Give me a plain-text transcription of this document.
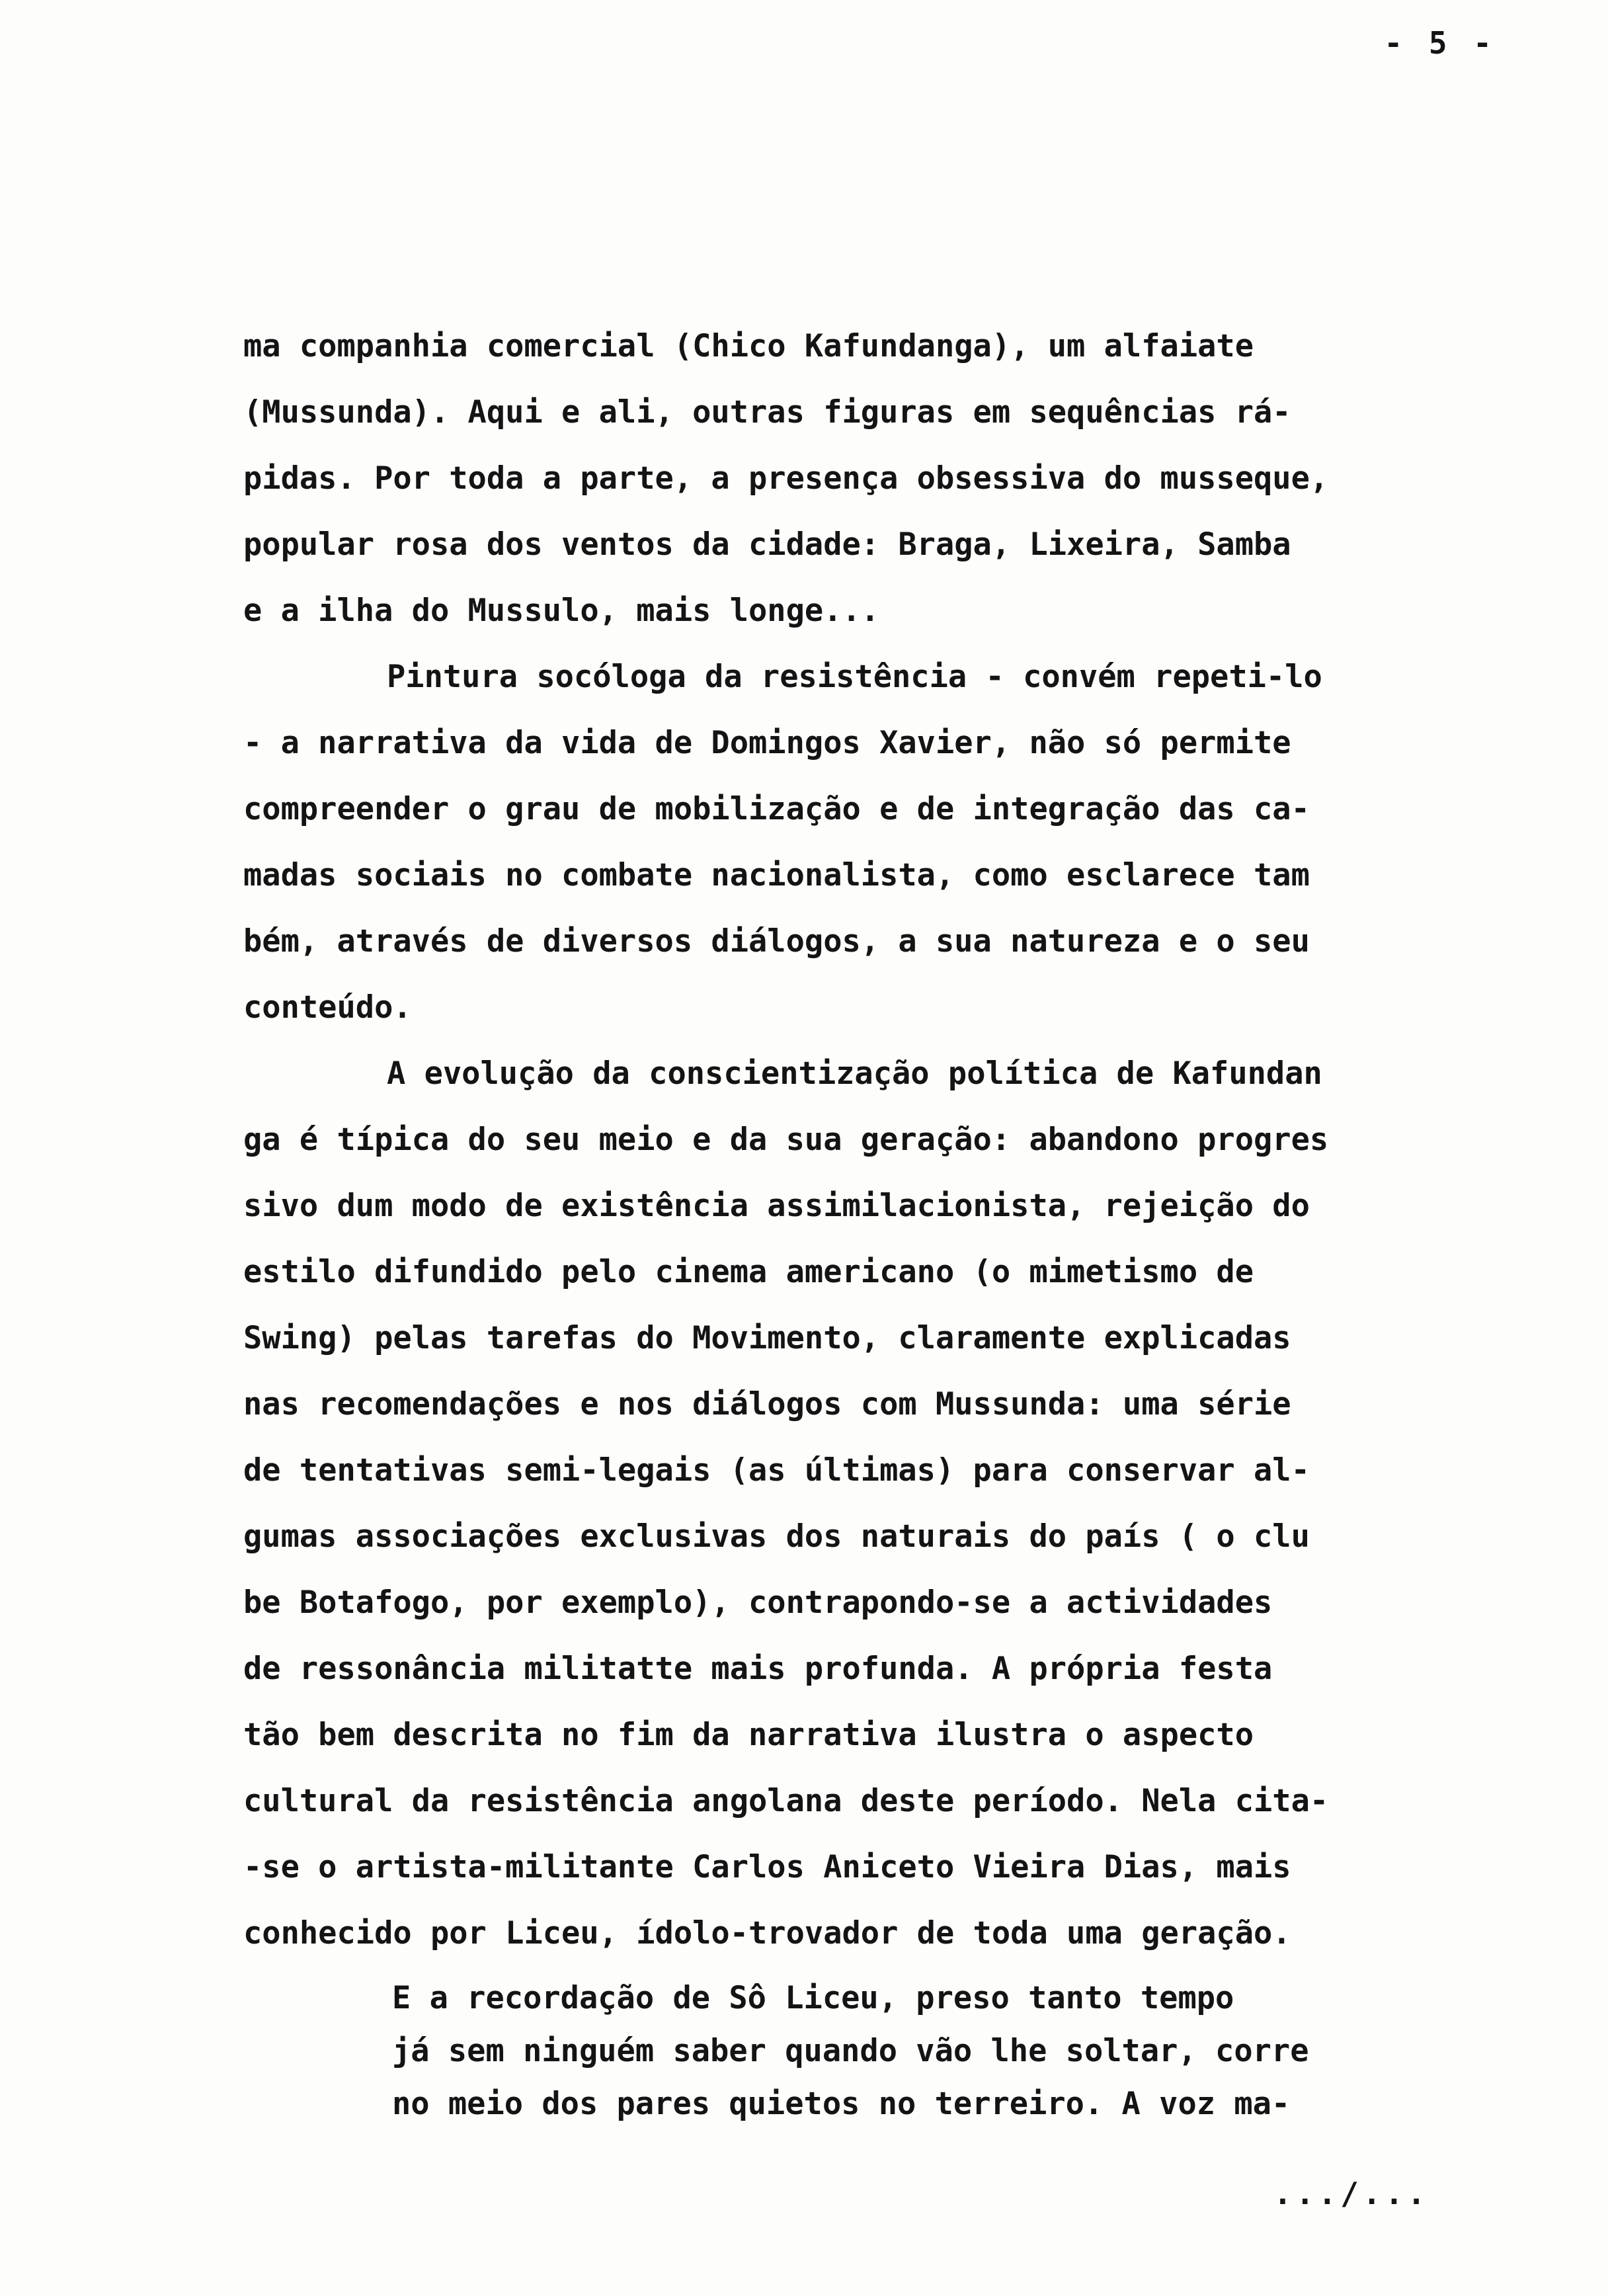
- 5 -
ma companhia comercial (Chico Kafundanga), um alfaiate
(Mussunda). Aqui e ali, outras figuras em sequências rá-
pidas. Por toda a parte, a presença obsessiva do musseque,
popular rosa dos ventos da cidade: Braga, Lixeira, Samba
e a ilha do Mussulo, mais longe...
Pintura socóloga da resistência - convém repeti-lo
- a narrativa da vida de Domingos Xavier, não só permite
compreender o grau de mobilização e de integração das ca-
madas sociais no combate nacionalista, como esclarece tam
bém, através de diversos diálogos, a sua natureza e o seu
conteúdo.
A evolução da conscientização política de Kafundan
ga é típica do seu meio e da sua geração: abandono progres
sivo dum modo de existência assimilacionista, rejeição do
estilo difundido pelo cinema americano (o mimetismo de
Swing) pelas tarefas do Movimento, claramente explicadas
nas recomendações e nos diálogos com Mussunda: uma série
de tentativas semi-legais (as últimas) para conservar al-
gumas associações exclusivas dos naturais do país ( o clu
be Botafogo, por exemplo), contrapondo-se a actividades
de ressonância militatte mais profunda. A própria festa
tão bem descrita no fim da narrativa ilustra o aspecto
cultural da resistência angolana deste período. Nela cita-
-se o artista-militante Carlos Aniceto Vieira Dias, mais
conhecido por Liceu, ídolo-trovador de toda uma geração.
E a recordação de Sô Liceu, preso tanto tempo
já sem ninguém saber quando vão lhe soltar, corre
no meio dos pares quietos no terreiro. A voz ma-
.../...
